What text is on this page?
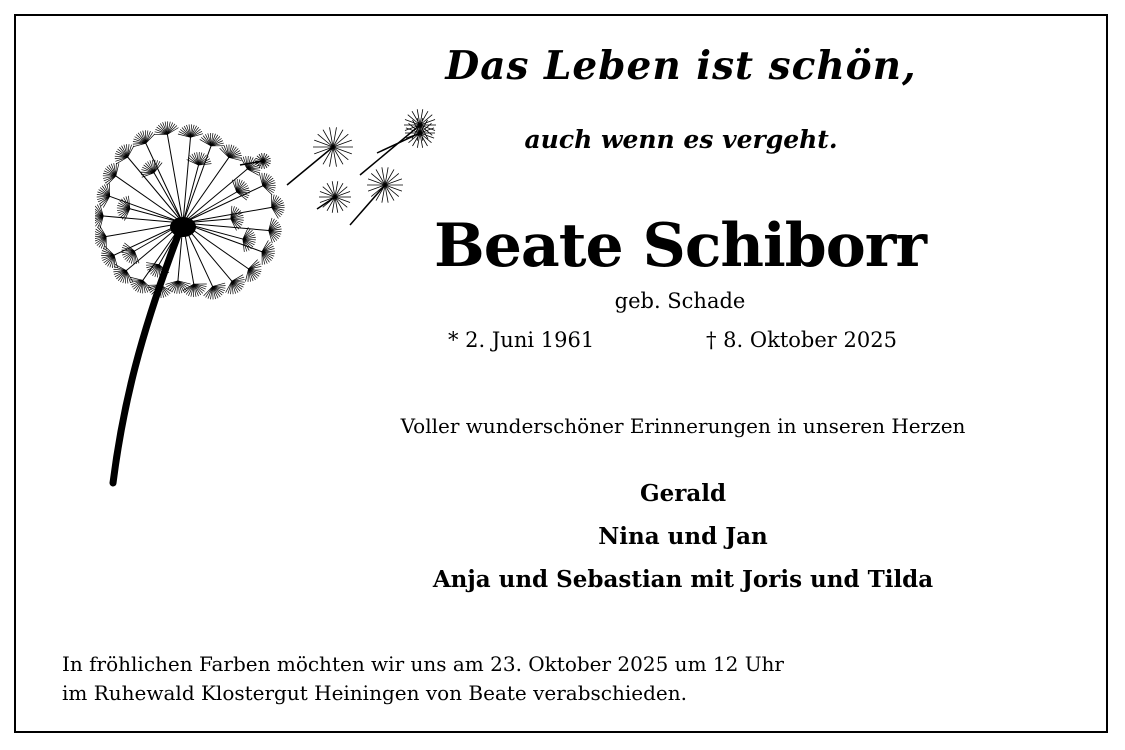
Das Leben ist schön,
auch wenn es vergeht.
Beate Schiborr
geb. Schade
* 2. Juni 1961	† 8. Oktober 2025
Voller wunderschöner Erinnerungen in unseren Herzen
Gerald
Nina und Jan
Anja und Sebastian mit Joris und Tilda
In fröhlichen Farben möchten wir uns am 23. Oktober 2025 um 12 Uhr
im Ruhewald Klostergut Heiningen von Beate verabschieden.
